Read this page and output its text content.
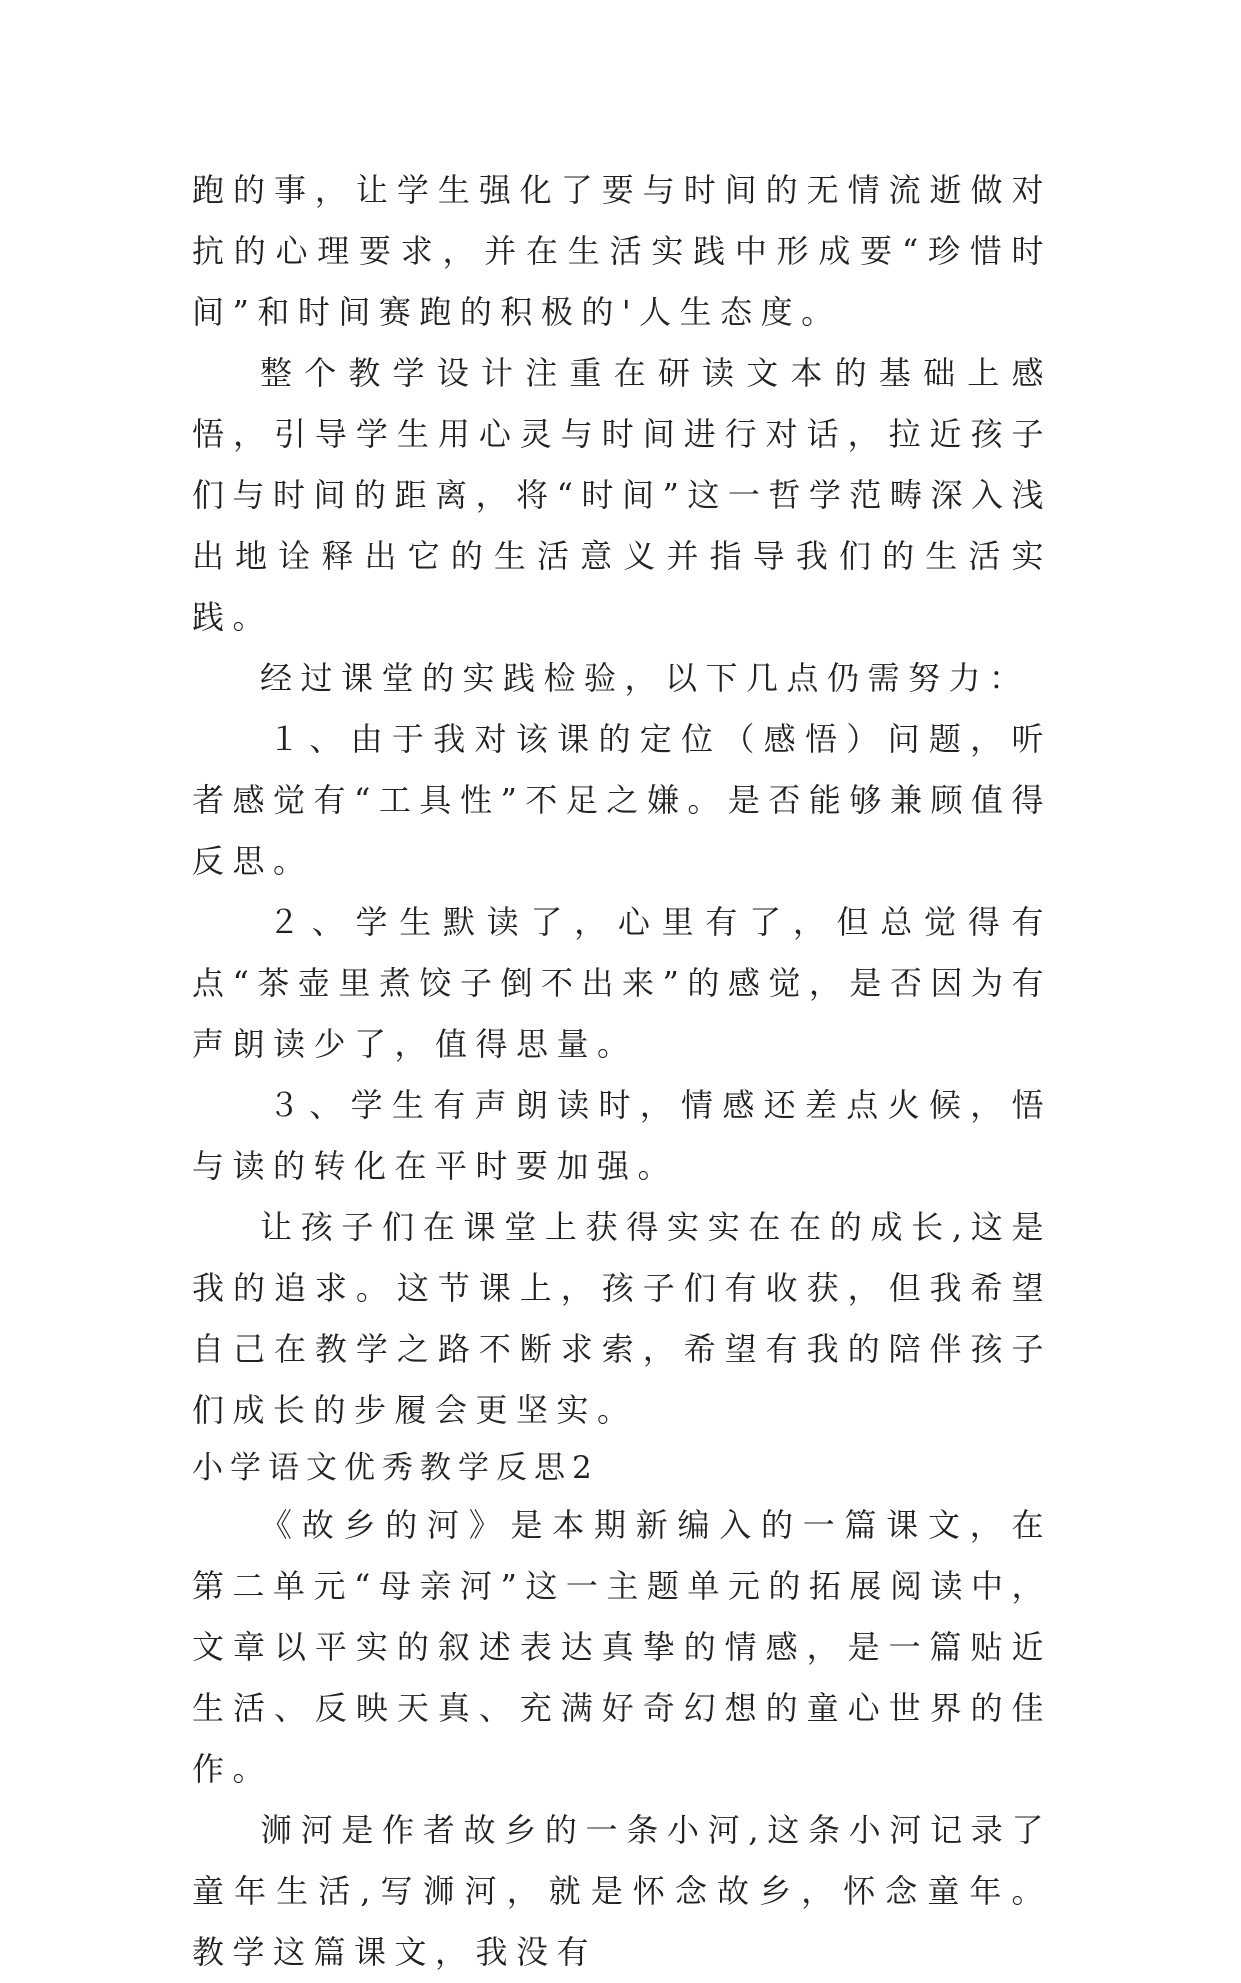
跑的事，让学生强化了要与时间的无情流逝做对抗的心理要求，并在生活实践中形成要“珍惜时间”和时间赛跑的积极的'人生态度。

整个教学设计注重在研读文本的基础上感悟，引导学生用心灵与时间进行对话，拉近孩子们与时间的距离，将“时间”这一哲学范畴深入浅出地诠释出它的生活意义并指导我们的生活实践。

经过课堂的实践检验，以下几点仍需努力：

１、由于我对该课的定位（感悟）问题，听者感觉有“工具性”不足之嫌。是否能够兼顾值得反思。

２、学生默读了，心里有了，但总觉得有点“茶壶里煮饺子倒不出来”的感觉，是否因为有声朗读少了，值得思量。

３、学生有声朗读时，情感还差点火候，悟与读的转化在平时要加强。

让孩子们在课堂上获得实实在在的成长,这是我的追求。这节课上，孩子们有收获，但我希望自己在教学之路不断求索，希望有我的陪伴孩子们成长的步履会更坚实。

小学语文优秀教学反思2

《故乡的河》是本期新编入的一篇课文，在第二单元“母亲河”这一主题单元的拓展阅读中，文章以平实的叙述表达真挚的情感，是一篇贴近生活、反映天真、充满好奇幻想的童心世界的佳作。

浉河是作者故乡的一条小河,这条小河记录了童年生活,写浉河，就是怀念故乡，怀念童年。教学这篇课文，我没有
